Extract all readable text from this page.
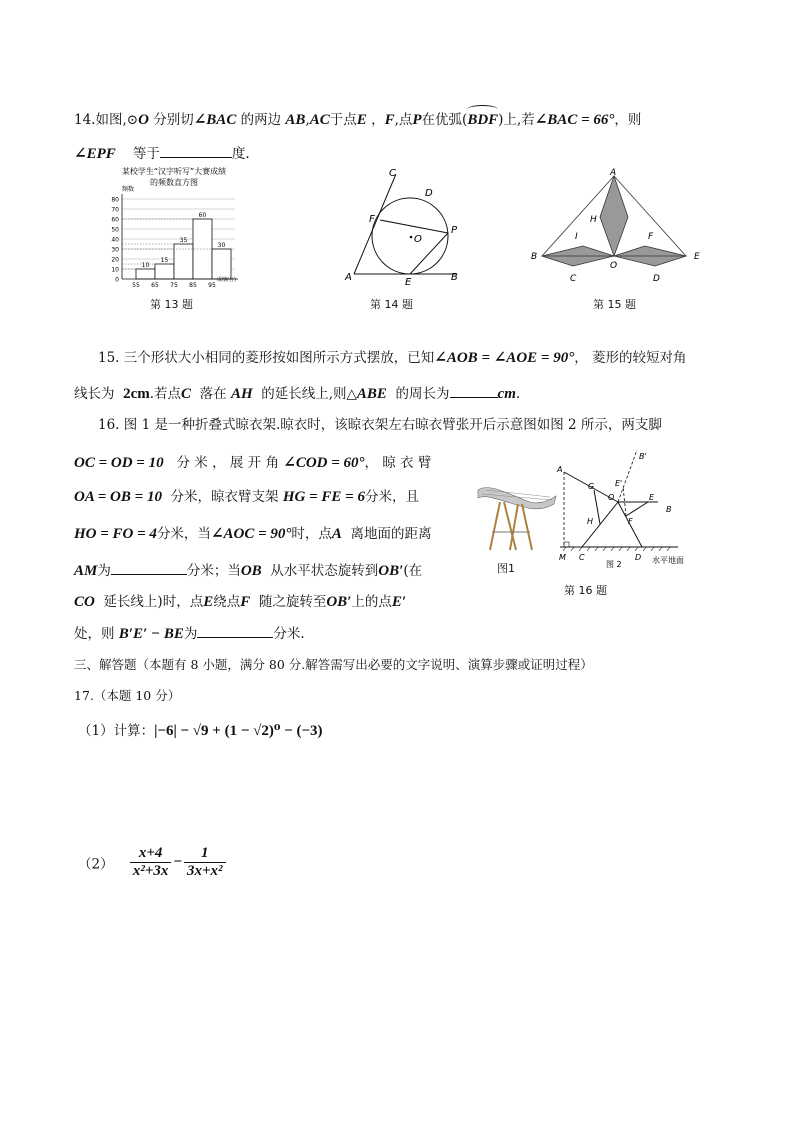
14.如图,⊙O 分别切∠BAC 的两边 AB,AC于点E ，F,点P在优弧(
BDF)上,若∠BAC = 66°，则
∠EPF 等于	度.
某校学生“汉字听写”大赛成绩
的频数直方图
频数
80
70
60
50
40
30
20
10
0
10
15
35
60
30
55 65 75 85 95
成绩(分)
第 13 题
C
F
D
O
P
A	E	B
第 14 题
A
H
I	F
B
O
E
C	D
第 15 题
15. 三个形状大小相同的菱形按如图所示方式摆放，已知∠AOB = ∠AOE = 90°， 菱形的较短对角
线长为 2cm.若点C 落在 AH 的延长线上,则△ABE 的周长为	cm.
16. 图 1 是一种折叠式晾衣架.晾衣时，该晾衣架左右晾衣臂张开后示意图如图 2 所示，两支脚
OC = OD = 10 分 米 ， 展 开 角 ∠COD = 60°， 晾 衣 臂
OA = OB = 10 分米，晾衣臂支架 HG = FE = 6分米，且
HO = FO = 4分米，当∠AOC = 90°时，点A 离地面的距离
AM为	分米；当OB 从水平状态旋转到OB′(在
CO 延长线上)时，点E绕点F 随之旋转至OB′上的点E′
处，则 B′E′ − BE为	分米.
图1
A
G
O
E'
B'
E
B
H	F
M C	D
图 2	水平地面
第 16 题
三、解答题（本题有 8 小题，满分 80 分.解答需写出必要的文字说明、演算步骤或证明过程）
17.（本题 10 分）
（1）计算：|−6| − √9 + (1 − √2)⁰ − (−3)
$(2) \frac{x+4}{\text{x²+3x}} - \frac{1}{\text{3x+x²}}$
